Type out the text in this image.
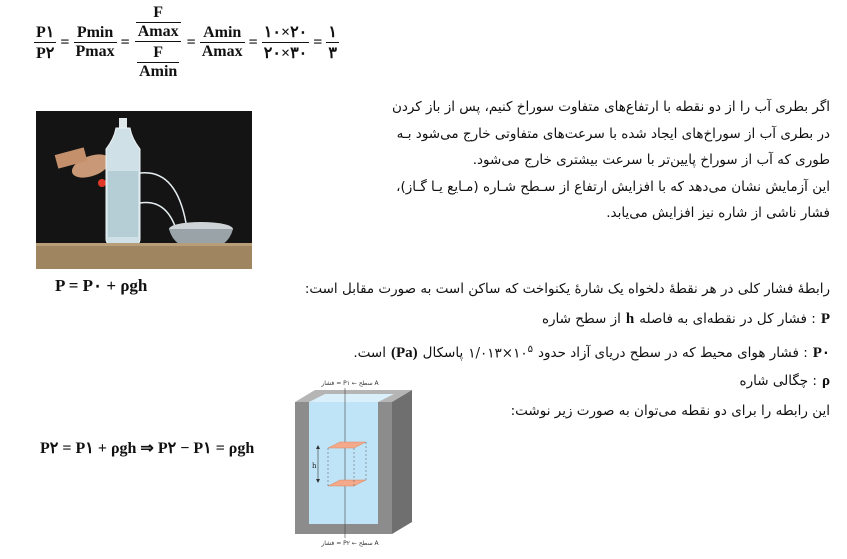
$\frac{P۱}{P۲} = \frac{Pmin}{Pmax} = \frac{\frac{F}{Amax}}{\frac{F}{Amin}} = \frac{Amin}{Amax} = \frac{۱۰\times ۲۰}{۲۰\times ۳۰} = \frac{۱}{۳}$
اگر بطری آب را از دو نقطه با ارتفاع‌های متفاوت سوراخ کنیم، پس از باز کردن
در بطری آب از سوراخ‌های ایجاد شده با سرعت‌های متفاوتی خارج می‌شود بـه
طوری که آب از سوراخ پایین‌تر با سرعت بیشتری خارج می‌شود.
این آزمایش نشان می‌دهد که با افزایش ارتفاع از سـطح شـاره (مـایع یـا گـاز)،
فشار ناشی از شاره نیز افزایش می‌یابد.
P = P۰ + ρgh	رابطهٔ فشار کلی در هر نقطهٔ دلخواه یک شارهٔ یکنواخت که ساکن است به صورت مقابل است:
P
: فشار کل در نقطه‌ای به فاصله
h
از سطح شاره
P۰
: فشار هوای محیط که در سطح دریای آزاد حدود
$۱/۰۱۳\times ۱۰^۵$
پاسکال
(Pa)
است.
ρ
: چگالی شاره
این رابطه را برای دو نقطه می‌توان به صورت زیر نوشت:
P۲ = P۱ + ρgh ⇒ P۲ − P۱ = ρgh
فشار = P۱ ← سطح A
فشار = P۲ ← سطح A
h
